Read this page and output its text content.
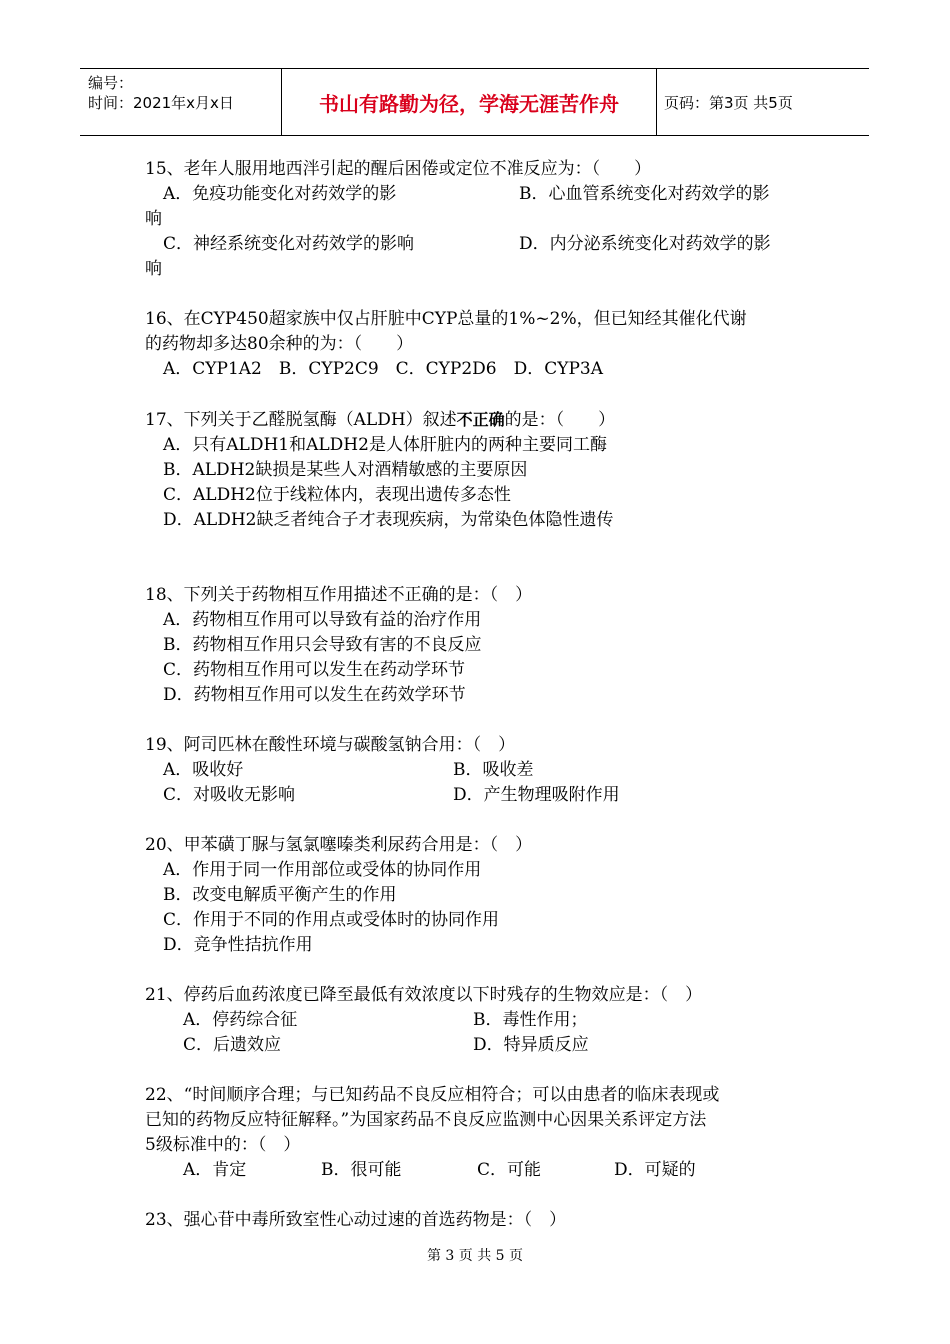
编号：
时间：2021年x月x日	书山有路勤为径，学海无涯苦作舟	页码：第3页 共5页
15、老年人服用地西泮引起的醒后困倦或定位不准反应为：（　　）
A．免疫功能变化对药效学的影	B．心血管系统变化对药效学的影
响
C．神经系统变化对药效学的影响	D．内分泌系统变化对药效学的影
响
16、在CYP450超家族中仅占肝脏中CYP总量的1%~2%，但已知经其催化代谢
的药物却多达80余种的为：（　　）
A．CYP1A2　B．CYP2C9　C．CYP2D6　D．CYP3A
17、下列关于乙醛脱氢酶（ALDH）叙述不正确的是：（　　）
A．只有ALDH1和ALDH2是人体肝脏内的两种主要同工酶
B．ALDH2缺损是某些人对酒精敏感的主要原因
C．ALDH2位于线粒体内，表现出遗传多态性
D．ALDH2缺乏者纯合子才表现疾病，为常染色体隐性遗传
18、下列关于药物相互作用描述不正确的是：（　）
A．药物相互作用可以导致有益的治疗作用
B．药物相互作用只会导致有害的不良反应
C．药物相互作用可以发生在药动学环节
D．药物相互作用可以发生在药效学环节
19、阿司匹林在酸性环境与碳酸氢钠合用：（　）
A．吸收好	B．吸收差
C．对吸收无影响	D．产生物理吸附作用
20、甲苯磺丁脲与氢氯噻嗪类利尿药合用是：（　）
A．作用于同一作用部位或受体的协同作用
B．改变电解质平衡产生的作用
C．作用于不同的作用点或受体时的协同作用
D．竞争性拮抗作用
21、停药后血药浓度已降至最低有效浓度以下时残存的生物效应是：（　）
A．停药综合征	B．毒性作用；
C．后遗效应	D．特异质反应
22、“时间顺序合理；与已知药品不良反应相符合；可以由患者的临床表现或
已知的药物反应特征解释。”为国家药品不良反应监测中心因果关系评定方法
5级标准中的：（　）
A．肯定	B．很可能	C．可能	D．可疑的
23、强心苷中毒所致室性心动过速的首选药物是：（　）
第 3 页 共 5 页
